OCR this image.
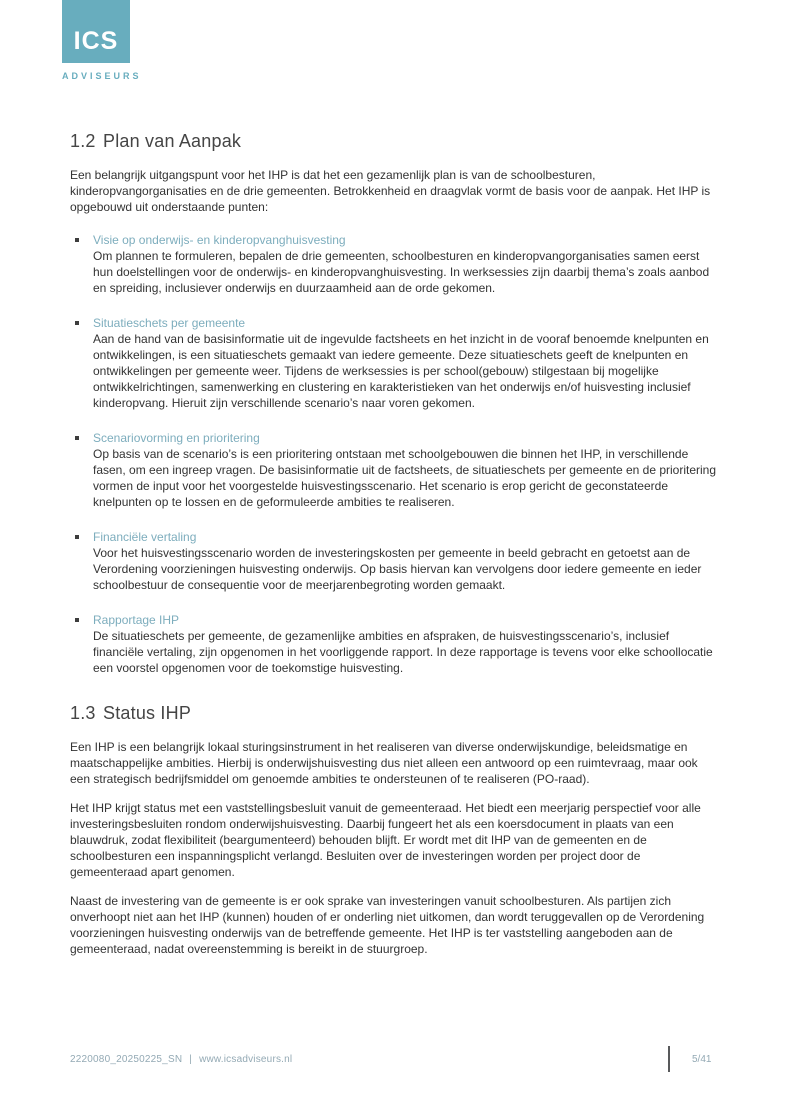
ICS
ADVISEURS
1.2 Plan van Aanpak

Een belangrijk uitgangspunt voor het IHP is dat het een gezamenlijk plan is van de schoolbesturen, kinderopvangorganisaties en de drie gemeenten. Betrokkenheid en draagvlak vormt de basis voor de aanpak. Het IHP is opgebouwd uit onderstaande punten:

Visie op onderwijs- en kinderopvanghuisvesting
Om plannen te formuleren, bepalen de drie gemeenten, schoolbesturen en kinderopvangorganisaties samen eerst hun doelstellingen voor de onderwijs- en kinderopvanghuisvesting. In werksessies zijn daarbij thema’s zoals aanbod en spreiding, inclusiever onderwijs en duurzaamheid aan de orde gekomen.
Situatieschets per gemeente
Aan de hand van de basisinformatie uit de ingevulde factsheets en het inzicht in de vooraf benoemde knelpunten en ontwikkelingen, is een situatieschets gemaakt van iedere gemeente. Deze situatieschets geeft de knelpunten en ontwikkelingen per gemeente weer. Tijdens de werksessies is per school(gebouw) stilgestaan bij mogelijke ontwikkelrichtingen, samenwerking en clustering en karakteristieken van het onderwijs en/of huisvesting inclusief kinderopvang. Hieruit zijn verschillende scenario’s naar voren gekomen.
Scenariovorming en prioritering
Op basis van de scenario’s is een prioritering ontstaan met schoolgebouwen die binnen het IHP, in verschillende fasen, om een ingreep vragen. De basisinformatie uit de factsheets, de situatieschets per gemeente en de prioritering vormen de input voor het voorgestelde huisvestingsscenario. Het scenario is erop gericht de geconstateerde knelpunten op te lossen en de geformuleerde ambities te realiseren.
Financiële vertaling
Voor het huisvestingsscenario worden de investeringskosten per gemeente in beeld gebracht en getoetst aan de Verordening voorzieningen huisvesting onderwijs. Op basis hiervan kan vervolgens door iedere gemeente en ieder schoolbestuur de consequentie voor de meerjarenbegroting worden gemaakt.
Rapportage IHP
De situatieschets per gemeente, de gezamenlijke ambities en afspraken, de huisvestingsscenario’s, inclusief financiële vertaling, zijn opgenomen in het voorliggende rapport. In deze rapportage is tevens voor elke schoollocatie een voorstel opgenomen voor de toekomstige huisvesting.
1.3 Status IHP

Een IHP is een belangrijk lokaal sturingsinstrument in het realiseren van diverse onderwijskundige, beleidsmatige en maatschappelijke ambities. Hierbij is onderwijshuisvesting dus niet alleen een antwoord op een ruimtevraag, maar ook een strategisch bedrijfsmiddel om genoemde ambities te ondersteunen of te realiseren (PO-raad).

Het IHP krijgt status met een vaststellingsbesluit vanuit de gemeenteraad. Het biedt een meerjarig perspectief voor alle investeringsbesluiten rondom onderwijshuisvesting. Daarbij fungeert het als een koersdocument in plaats van een blauwdruk, zodat flexibiliteit (beargumenteerd) behouden blijft. Er wordt met dit IHP van de gemeenten en de schoolbesturen een inspanningsplicht verlangd. Besluiten over de investeringen worden per project door de gemeenteraad apart genomen.

Naast de investering van de gemeente is er ook sprake van investeringen vanuit schoolbesturen. Als partijen zich onverhoopt niet aan het IHP (kunnen) houden of er onderling niet uitkomen, dan wordt teruggevallen op de Verordening voorzieningen huisvesting onderwijs van de betreffende gemeente. Het IHP is ter vaststelling aangeboden aan de gemeenteraad, nadat overeenstemming is bereikt in de stuurgroep.

2220080_20250225_SN | www.icsadviseurs.nl	5/41
